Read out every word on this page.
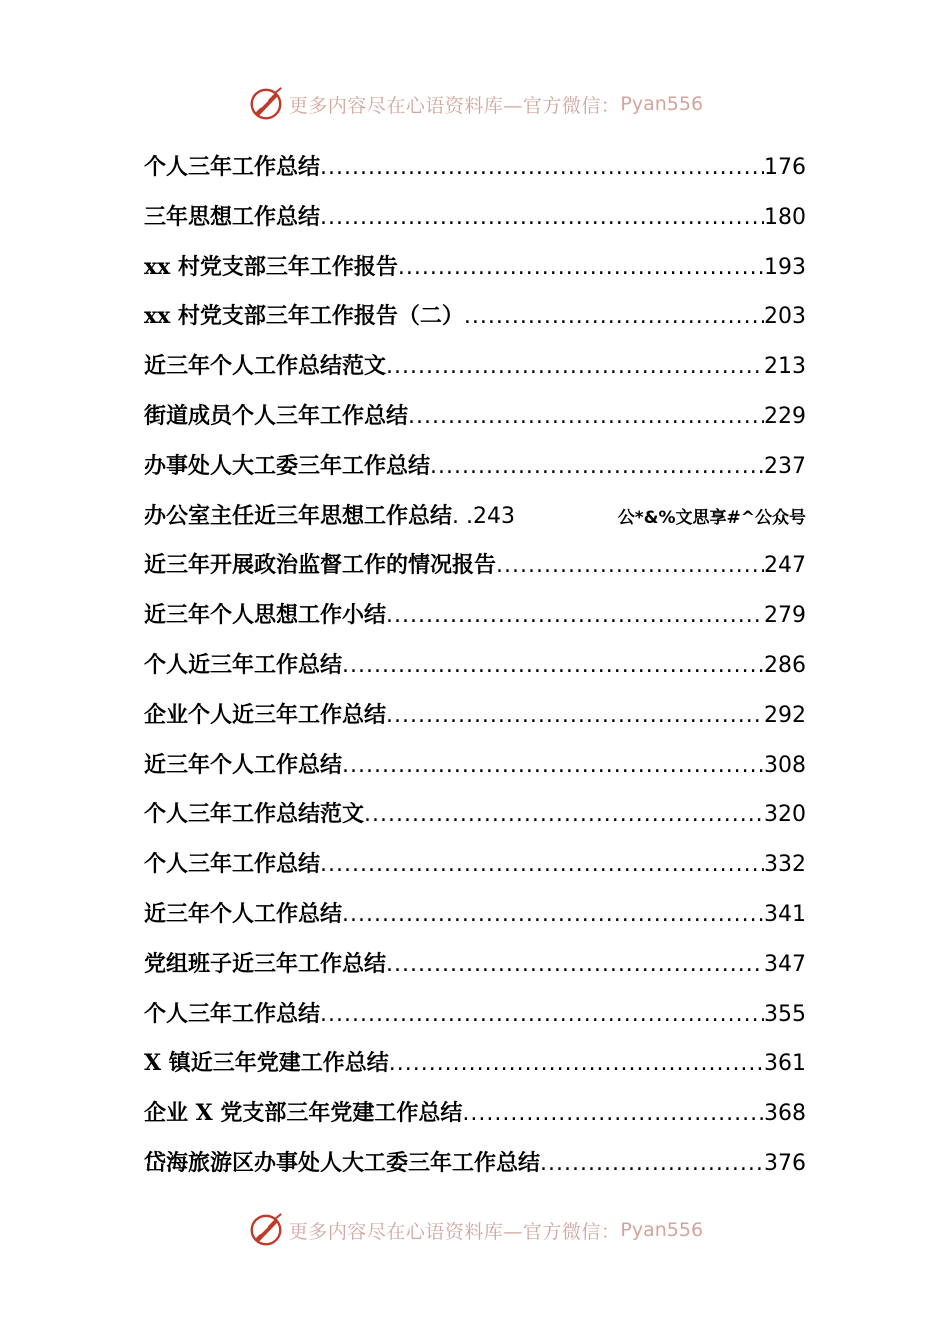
更多内容尽在心语资料库—官方微信： Pyan556
个人三年工作总结 .....	176
三年思想工作总结 .....	180
xx 村党支部三年工作报告 .....	193
xx 村党支部三年工作报告（二） .....	203
近三年个人工作总结范文 .....	213
街道成员个人三年工作总结 .....	229
办事处人大工委三年工作总结 .....	237
办公室主任近三年思想工作总结 . .243	公*&%文思享#^公众号
近三年开展政治监督工作的情况报告 .....	247
近三年个人思想工作小结 .....	279
个人近三年工作总结 .....	286
企业个人近三年工作总结 .....	292
近三年个人工作总结 .....	308
个人三年工作总结范文 .....	320
个人三年工作总结 .....	332
近三年个人工作总结 .....	341
党组班子近三年工作总结 .....	347
个人三年工作总结 .....	355
X 镇近三年党建工作总结 .....	361
企业 X 党支部三年党建工作总结 .....	368
岱海旅游区办事处人大工委三年工作总结 .....	376
更多内容尽在心语资料库—官方微信： Pyan556
